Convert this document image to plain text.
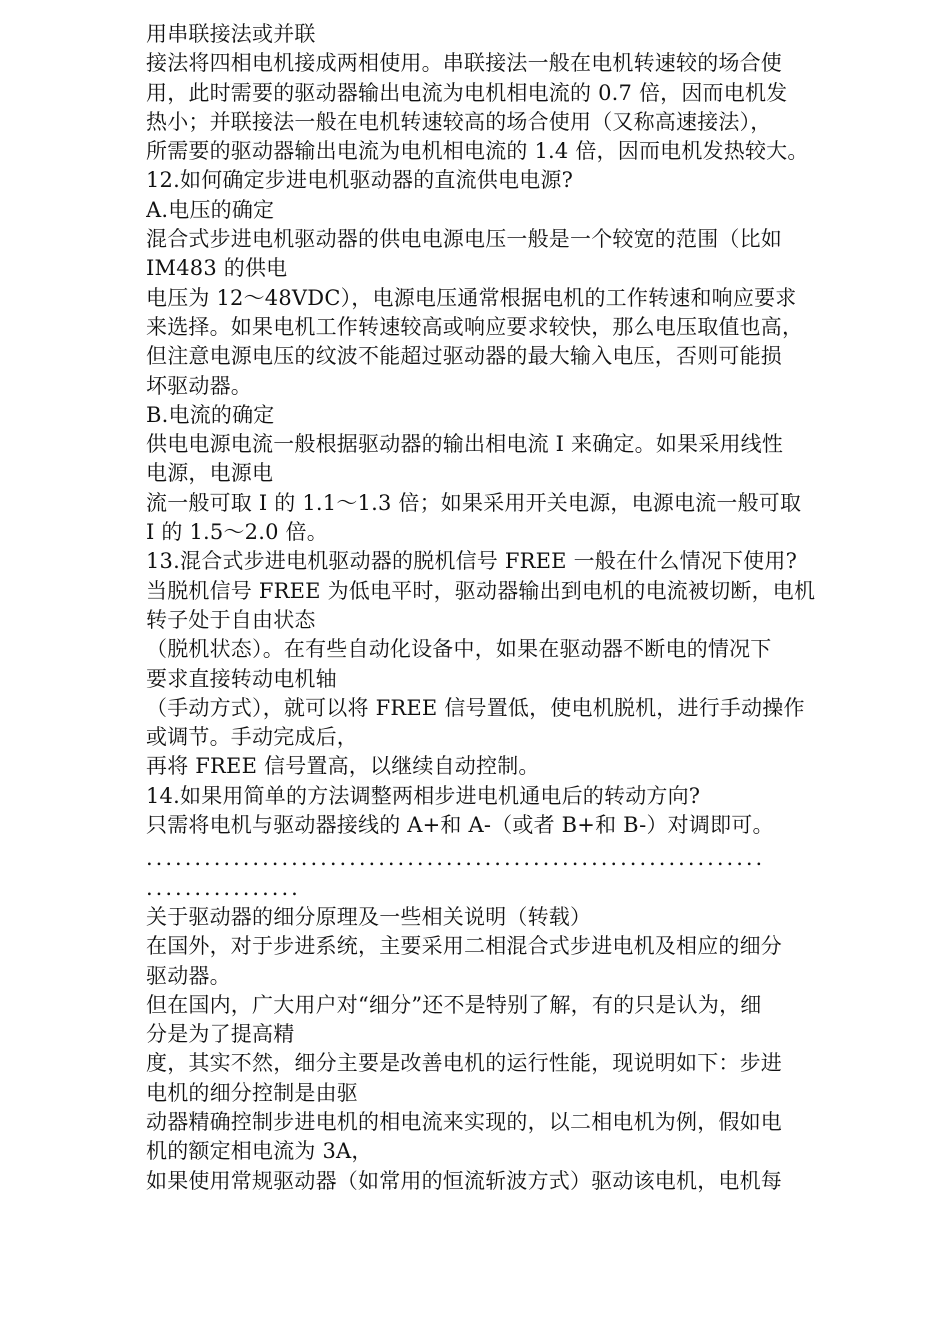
用串联接法或并联
接法将四相电机接成两相使用。串联接法一般在电机转速较的场合使
用，此时需要的驱动器输出电流为电机相电流的 0.7 倍，因而电机发
热小；并联接法一般在电机转速较高的场合使用（又称高速接法），
所需要的驱动器输出电流为电机相电流的 1.4 倍，因而电机发热较大。
12.如何确定步进电机驱动器的直流供电电源?
A.电压的确定
混合式步进电机驱动器的供电电源电压一般是一个较宽的范围（比如
IM483 的供电
电压为 12～48VDC），电源电压通常根据电机的工作转速和响应要求
来选择。如果电机工作转速较高或响应要求较快，那么电压取值也高，
但注意电源电压的纹波不能超过驱动器的最大输入电压，否则可能损
坏驱动器。
B.电流的确定
供电电源电流一般根据驱动器的输出相电流 I 来确定。如果采用线性
电源，电源电
流一般可取 I 的 1.1～1.3 倍；如果采用开关电源，电源电流一般可取
I 的 1.5～2.0 倍。
13.混合式步进电机驱动器的脱机信号 FREE 一般在什么情况下使用?
当脱机信号 FREE 为低电平时，驱动器输出到电机的电流被切断，电机
转子处于自由状态
（脱机状态）。在有些自动化设备中，如果在驱动器不断电的情况下
要求直接转动电机轴
（手动方式），就可以将 FREE 信号置低，使电机脱机，进行手动操作
或调节。手动完成后，
再将 FREE 信号置高，以继续自动控制。
14.如果用简单的方法调整两相步进电机通电后的转动方向?
只需将电机与驱动器接线的 A+和 A-（或者 B+和 B-）对调即可。
................................................................
................
关于驱动器的细分原理及一些相关说明（转载）
在国外，对于步进系统，主要采用二相混合式步进电机及相应的细分
驱动器。
但在国内，广大用户对“细分”还不是特别了解，有的只是认为，细
分是为了提高精
度，其实不然，细分主要是改善电机的运行性能，现说明如下：步进
电机的细分控制是由驱
动器精确控制步进电机的相电流来实现的，以二相电机为例，假如电
机的额定相电流为 3A，
如果使用常规驱动器（如常用的恒流斩波方式）驱动该电机，电机每
